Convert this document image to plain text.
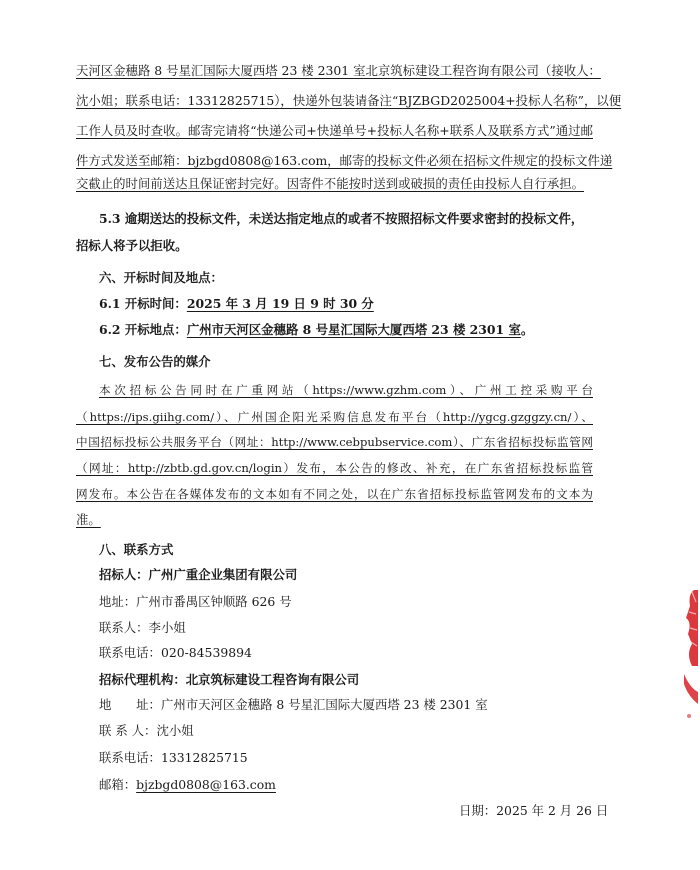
天河区金穗路 8 号星汇国际大厦西塔 23 楼 2301 室北京筑标建设工程咨询有限公司（接收人：
沈小姐；联系电话：13312825715），快递外包装请备注“BJZBGD2025004+投标人名称”，以便
工作人员及时查收。邮寄完请将“快递公司+快递单号+投标人名称+联系人及联系方式”通过邮
件方式发送至邮箱：bjzbgd0808@163.com，邮寄的投标文件必须在招标文件规定的投标文件递
交截止的时间前送达且保证密封完好。因寄件不能按时送到或破损的责任由投标人自行承担。
5.3 逾期送达的投标文件，未送达指定地点的或者不按照招标文件要求密封的投标文件，
招标人将予以拒收。
六、开标时间及地点：
6.1 开标时间：2025 年 3 月 19 日 9 时 30 分
6.2 开标地点：广州市天河区金穗路 8 号星汇国际大厦西塔 23 楼 2301 室。
七、发布公告的媒介
本次招标公告同时在广重网站（https://www.gzhm.com）、广州工控采购平台
（https://ips.giihg.com/）、广州国企阳光采购信息发布平台（http://ygcg.gzggzy.cn/）、
中国招标投标公共服务平台（网址：http://www.cebpubservice.com）、广东省招标投标监管网
（网址：http://zbtb.gd.gov.cn/login）发布，本公告的修改、补充，在广东省招标投标监管
网发布。本公告在各媒体发布的文本如有不同之处，以在广东省招标投标监管网发布的文本为
准。
八、联系方式
招标人：广州广重企业集团有限公司
地址：广州市番禺区钟顺路 626 号
联系人：李小姐
联系电话：020-84539894
招标代理机构：北京筑标建设工程咨询有限公司
地　　址：广州市天河区金穗路 8 号星汇国际大厦西塔 23 楼 2301 室
联 系 人：沈小姐
联系电话：13312825715
邮箱：bjzbgd0808@163.com
日期：2025 年 2 月 26 日
